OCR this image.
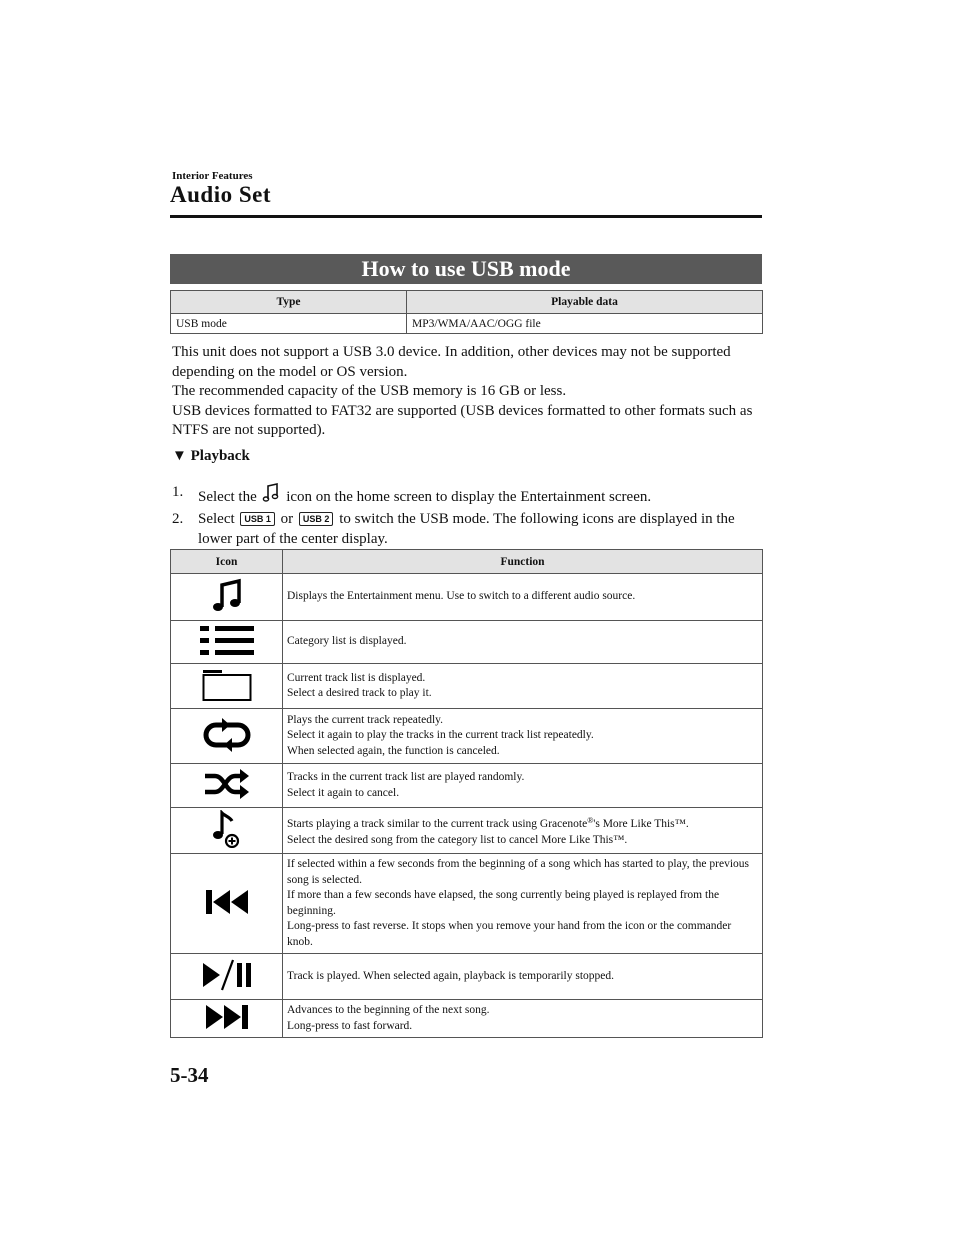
Interior Features
Audio Set
How to use USB mode
Type	Playable data
USB mode	MP3/WMA/AAC/OGG file

This unit does not support a USB 3.0 device. In addition, other devices may not be supported depending on the model or OS version.

The recommended capacity of the USB memory is 16 GB or less.

USB devices formatted to FAT32 are supported (USB devices formatted to other formats such as NTFS are not supported).

▼ Playback
1. Select the icon on the home screen to display the Entertainment screen.
2. Select USB 1 or USB 2 to switch the USB mode. The following icons are displayed in the lower part of the center display.
Icon	Function

Displays the Entertainment menu. Use to switch to a different audio source.

Category list is displayed.

Current track list is displayed.
Select a desired track to play it.

Plays the current track repeatedly.
Select it again to play the tracks in the current track list repeatedly.
When selected again, the function is canceled.

Tracks in the current track list are played randomly.
Select it again to cancel.

Starts playing a track similar to the current track using Gracenote®'s More Like This™.
Select the desired song from the category list to cancel More Like This™.

If selected within a few seconds from the beginning of a song which has started to play, the previous song is selected.
If more than a few seconds have elapsed, the song currently being played is replayed from the beginning.
Long-press to fast reverse. It stops when you remove your hand from the icon or the commander knob.

Track is played. When selected again, playback is temporarily stopped.

Advances to the beginning of the next song.
Long-press to fast forward.
5-34
